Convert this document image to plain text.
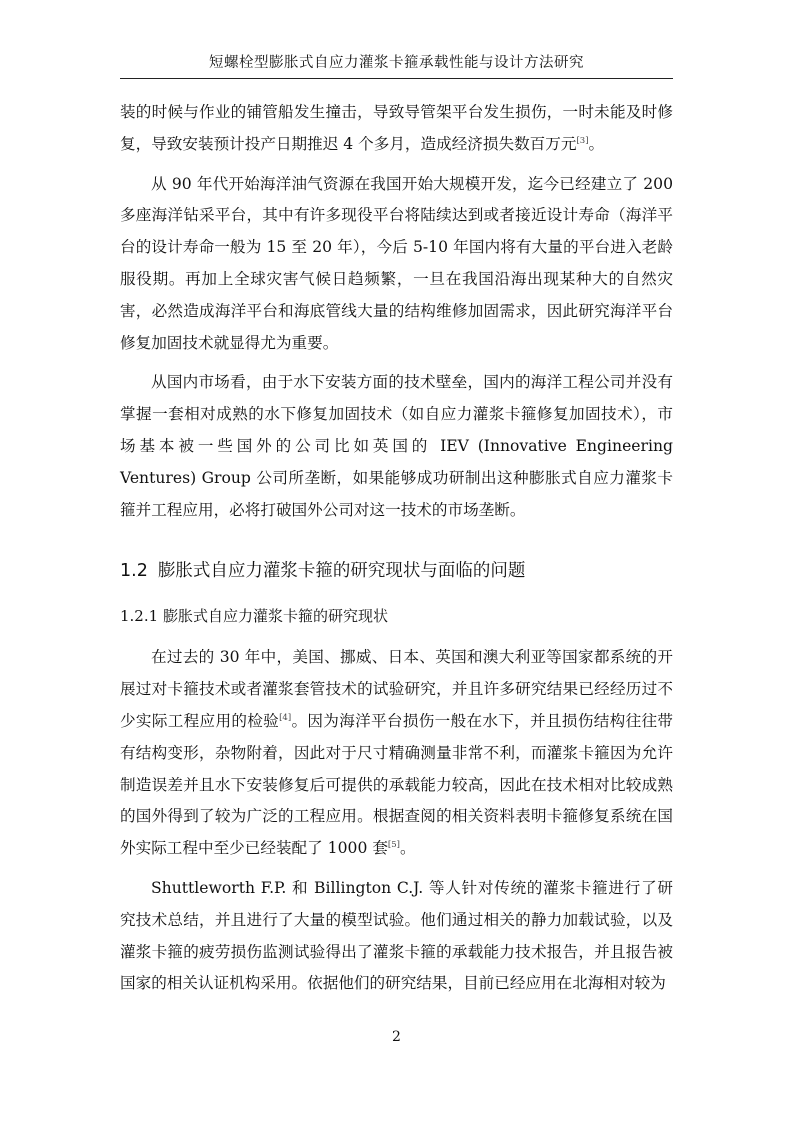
短螺栓型膨胀式自应力灌浆卡箍承载性能与设计方法研究

装的时候与作业的铺管船发生撞击，导致导管架平台发生损伤，一时未能及时修复，导致安装预计投产日期推迟 4 个多月，造成经济损失数百万元[3]。

从 90 年代开始海洋油气资源在我国开始大规模开发，迄今已经建立了 200 多座海洋钻采平台，其中有许多现役平台将陆续达到或者接近设计寿命（海洋平台的设计寿命一般为 15 至 20 年），今后 5-10 年国内将有大量的平台进入老龄服役期。再加上全球灾害气候日趋频繁，一旦在我国沿海出现某种大的自然灾害，必然造成海洋平台和海底管线大量的结构维修加固需求，因此研究海洋平台修复加固技术就显得尤为重要。

从国内市场看，由于水下安装方面的技术壁垒，国内的海洋工程公司并没有掌握一套相对成熟的水下修复加固技术（如自应力灌浆卡箍修复加固技术），市场基本被一些国外的公司比如英国的 IEV (Innovative Engineering Ventures) Group 公司所垄断，如果能够成功研制出这种膨胀式自应力灌浆卡箍并工程应用，必将打破国外公司对这一技术的市场垄断。

1.2 膨胀式自应力灌浆卡箍的研究现状与面临的问题
1.2.1 膨胀式自应力灌浆卡箍的研究现状

在过去的 30 年中，美国、挪威、日本、英国和澳大利亚等国家都系统的开展过对卡箍技术或者灌浆套管技术的试验研究，并且许多研究结果已经经历过不少实际工程应用的检验[4]。因为海洋平台损伤一般在水下，并且损伤结构往往带有结构变形，杂物附着，因此对于尺寸精确测量非常不利，而灌浆卡箍因为允许制造误差并且水下安装修复后可提供的承载能力较高，因此在技术相对比较成熟的国外得到了较为广泛的工程应用。根据查阅的相关资料表明卡箍修复系统在国外实际工程中至少已经装配了 1000 套[5]。

Shuttleworth F.P. 和 Billington C.J. 等人针对传统的灌浆卡箍进行了研究技术总结，并且进行了大量的模型试验。他们通过相关的静力加载试验，以及灌浆卡箍的疲劳损伤监测试验得出了灌浆卡箍的承载能力技术报告，并且报告被国家的相关认证机构采用。依据他们的研究结果，目前已经应用在北海相对较为

2
